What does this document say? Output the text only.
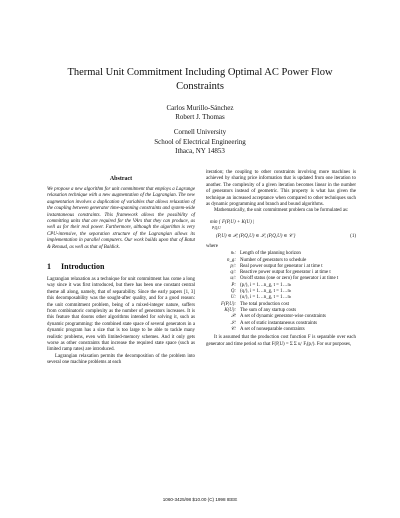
Thermal Unit Commitment Including Optimal AC Power Flow
Constraints
Carlos Murillo-Sánchez
Robert J. Thomas
Cornell University
School of Electrical Engineering
Ithaca, NY 14853
Abstract

We propose a new algorithm for unit commitment that employs a Lagrange relaxation technique with a new augmentation of the Lagrangian. The new augmentation involves a duplication of variables that allows relaxation of the coupling between generator time-spanning constraints and system-wide instantaneous constraints. This framework allows the possibility of committing units that are required for the VArs that they can produce, as well as for their real power. Furthermore, although the algorithm is very CPU-intensive, the separation structure of the Lagrangian allows its implementation in parallel computers. Our work builds upon that of Batut & Renaud, as well as that of Baldick.

1 Introduction

Lagrangian relaxation as a technique for unit commitment has come a long way since it was first introduced, but there has been one constant central theme all along, namely, that of separability. Since the early papers [1, 3] this decomposability was the sought-after quality, and for a good reason: the unit commitment problem, being of a mixed-integer nature, suffers from combinatoric complexity as the number of generators increases. It is this feature that dooms other algorithms intended for solving it, such as dynamic programming: the combined state space of several generators in a dynamic program has a size that is too large to be able to tackle many realistic problems, even with limited-memory schemes. And it only gets worse as other constraints that increase the required state space (such as limited ramp rates) are introduced.

Lagrangian relaxation permits the decomposition of the problem into several one machine problems at each

iteration; the coupling to other constraints involving more machines is achieved by sharing price information that is updated from one iteration to another. The complexity of a given iteration becomes linear in the number of generators instead of geometric. This property is what has given the technique an increased acceptance when compared to other techniques such as dynamic programming and branch and bound algorithms.

Mathematically, the unit commitment problem can be formulated as:

min { F(P,U) + K(U) |
P,Q,U
(P,U) ∈ 𝒫, (P,Q,U) ∈ 𝒮, (P,Q,U) ∈ 𝒞 }	(1)
where
nₜ: Length of the planning horizon
n_g: Number of generators to schedule
pᵢᵗ: Real power output for generator i at time t
qᵢᵗ: Reactive power output for generator i at time t
uᵢᵗ: On/off status (one or zero) for generator i at time t
P: (pᵢᵗ), i = 1…n_g, t = 1…nₜ
Q: (qᵢᵗ), i = 1…n_g, t = 1…nₜ
U: (uᵢᵗ), i = 1…n_g, t = 1…nₜ
F(P,U): The total production cost
K(U): The sum of any startup costs
𝒫: A set of dynamic generator-wise constraints
𝒮: A set of static instantaneous constraints
𝒞: A set of nonseparable constraints

It is assumed that the production cost function F is separable over each generator and time period so that F(P,U) = Σ Σ uᵢᵗ Fᵢ(pᵢᵗ). For our purposes,

1060-3425/98 $10.00 (C) 1998 IEEE
